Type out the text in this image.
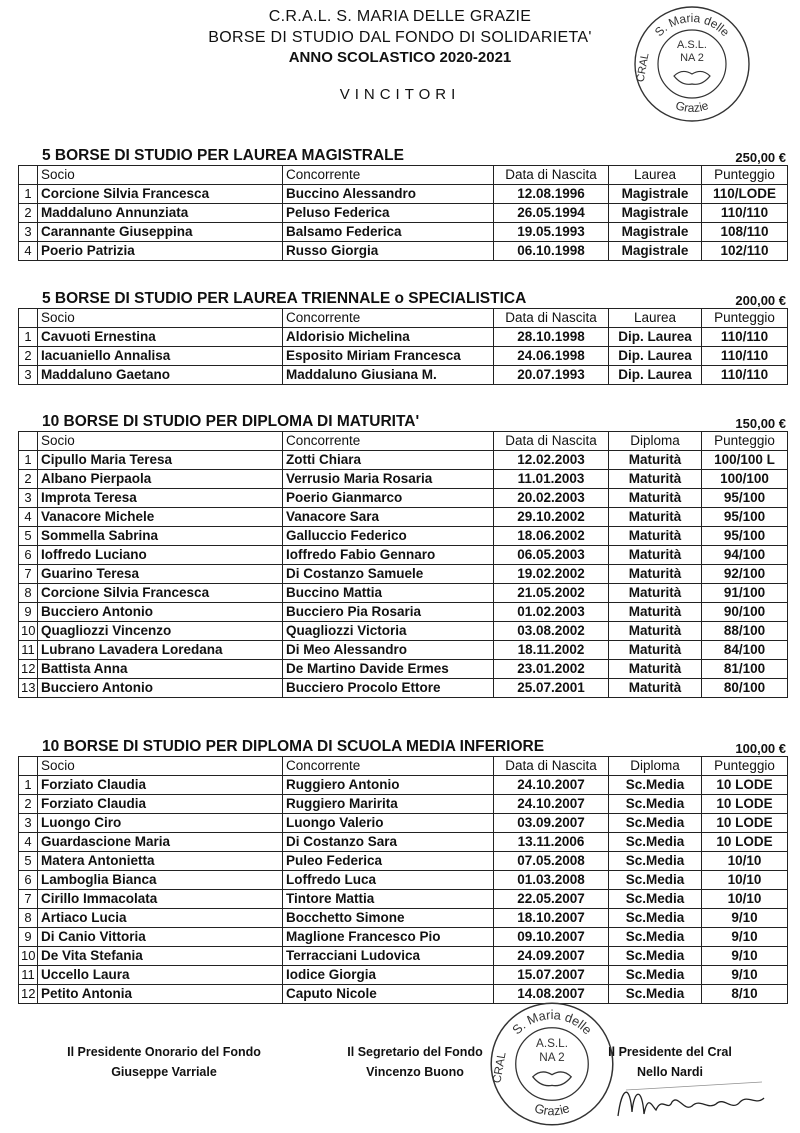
C.R.A.L. S. MARIA DELLE GRAZIE
BORSE DI STUDIO DAL FONDO DI SOLIDARIETA'
ANNO SCOLASTICO 2020-2021
VINCITORI
S. Maria delle
Grazie
CRAL
A.S.L.
NA 2
5 BORSE DI STUDIO PER LAUREA MAGISTRALE	250,00 €
	Socio	Concorrente	Data di Nascita	Laurea	Punteggio
1	Corcione Silvia Francesca	Buccino Alessandro	12.08.1996	Magistrale	110/LODE
2	Maddaluno Annunziata	Peluso Federica	26.05.1994	Magistrale	110/110
3	Carannante Giuseppina	Balsamo Federica	19.05.1993	Magistrale	108/110
4	Poerio Patrizia	Russo Giorgia	06.10.1998	Magistrale	102/110
5 BORSE DI STUDIO PER LAUREA TRIENNALE o SPECIALISTICA	200,00 €
	Socio	Concorrente	Data di Nascita	Laurea	Punteggio
1	Cavuoti Ernestina	Aldorisio Michelina	28.10.1998	Dip. Laurea	110/110
2	Iacuaniello Annalisa	Esposito Miriam Francesca	24.06.1998	Dip. Laurea	110/110
3	Maddaluno Gaetano	Maddaluno Giusiana M.	20.07.1993	Dip. Laurea	110/110
10 BORSE DI STUDIO PER DIPLOMA DI MATURITA'	150,00 €
	Socio	Concorrente	Data di Nascita	Diploma	Punteggio
1	Cipullo Maria Teresa	Zotti Chiara	12.02.2003	Maturità	100/100 L
2	Albano Pierpaola	Verrusio Maria Rosaria	11.01.2003	Maturità	100/100
3	Improta Teresa	Poerio Gianmarco	20.02.2003	Maturità	95/100
4	Vanacore Michele	Vanacore Sara	29.10.2002	Maturità	95/100
5	Sommella Sabrina	Galluccio Federico	18.06.2002	Maturità	95/100
6	Ioffredo Luciano	Ioffredo Fabio Gennaro	06.05.2003	Maturità	94/100
7	Guarino Teresa	Di Costanzo Samuele	19.02.2002	Maturità	92/100
8	Corcione Silvia Francesca	Buccino Mattia	21.05.2002	Maturità	91/100
9	Bucciero Antonio	Bucciero Pia Rosaria	01.02.2003	Maturità	90/100
10	Quagliozzi Vincenzo	Quagliozzi Victoria	03.08.2002	Maturità	88/100
11	Lubrano Lavadera Loredana	Di Meo Alessandro	18.11.2002	Maturità	84/100
12	Battista Anna	De Martino Davide Ermes	23.01.2002	Maturità	81/100
13	Bucciero Antonio	Bucciero Procolo Ettore	25.07.2001	Maturità	80/100
10 BORSE DI STUDIO PER DIPLOMA DI SCUOLA MEDIA INFERIORE	100,00 €
	Socio	Concorrente	Data di Nascita	Diploma	Punteggio
1	Forziato Claudia	Ruggiero Antonio	24.10.2007	Sc.Media	10 LODE
2	Forziato Claudia	Ruggiero Maririta	24.10.2007	Sc.Media	10 LODE
3	Luongo Ciro	Luongo Valerio	03.09.2007	Sc.Media	10 LODE
4	Guardascione Maria	Di Costanzo Sara	13.11.2006	Sc.Media	10 LODE
5	Matera Antonietta	Puleo Federica	07.05.2008	Sc.Media	10/10
6	Lamboglia Bianca	Loffredo Luca	01.03.2008	Sc.Media	10/10
7	Cirillo Immacolata	Tintore Mattia	22.05.2007	Sc.Media	10/10
8	Artiaco Lucia	Bocchetto Simone	18.10.2007	Sc.Media	9/10
9	Di Canio Vittoria	Maglione Francesco Pio	09.10.2007	Sc.Media	9/10
10	De Vita Stefania	Terracciani Ludovica	24.09.2007	Sc.Media	9/10
11	Uccello Laura	Iodice Giorgia	15.07.2007	Sc.Media	9/10
12	Petito Antonia	Caputo Nicole	14.08.2007	Sc.Media	8/10
Il Presidente Onorario del Fondo
Giuseppe Varriale
Il Segretario del Fondo
Vincenzo Buono
Il Presidente del Cral
Nello Nardi
S. Maria delle
Grazie
CRAL
A.S.L.
NA 2
